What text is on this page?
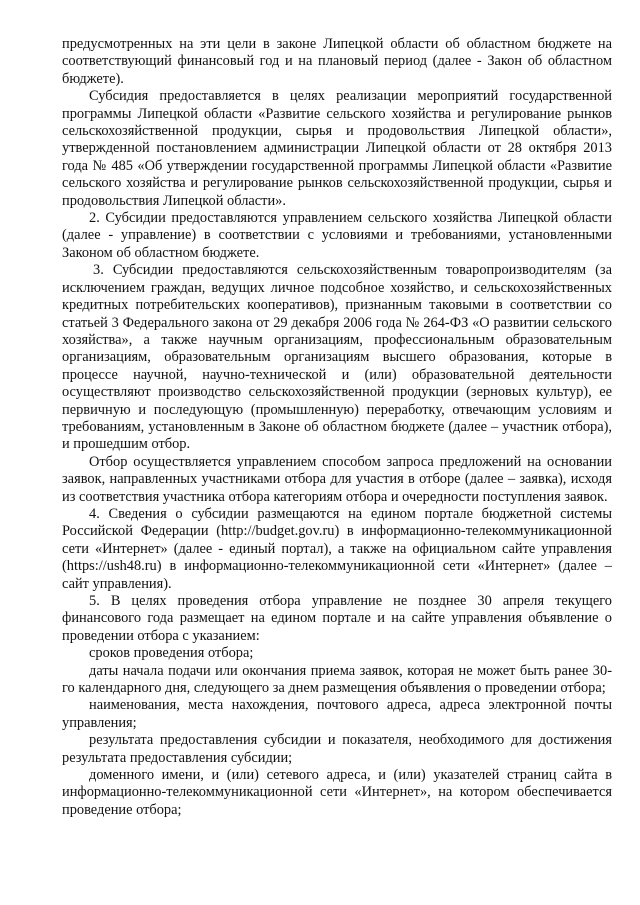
предусмотренных на эти цели в законе Липецкой области об областном бюджете на соответствующий финансовый год и на плановый период (далее - Закон об областном бюджете).

Субсидия предоставляется в целях реализации мероприятий государственной программы Липецкой области «Развитие сельского хозяйства и регулирование рынков сельскохозяйственной продукции, сырья и продовольствия Липецкой области», утвержденной постановлением администрации Липецкой области от 28 октября 2013 года № 485 «Об утверждении государственной программы Липецкой области «Развитие сельского хозяйства и регулирование рынков сельскохозяйственной продукции, сырья и продовольствия Липецкой области».

2. Субсидии предоставляются управлением сельского хозяйства Липецкой области (далее - управление) в соответствии с условиями и требованиями, установленными Законом об областном бюджете.

3. Субсидии предоставляются сельскохозяйственным товаропроизводителям (за исключением граждан, ведущих личное подсобное хозяйство, и сельскохозяйственных кредитных потребительских кооперативов), признанным таковыми в соответствии со статьей 3 Федерального закона от 29 декабря 2006 года № 264-ФЗ «О развитии сельского хозяйства», а также научным организациям, профессиональным образовательным организациям, образовательным организациям высшего образования, которые в процессе научной, научно-технической и (или) образовательной деятельности осуществляют производство сельскохозяйственной продукции (зерновых культур), ее первичную и последующую (промышленную) переработку, отвечающим условиям и требованиям, установленным в Законе об областном бюджете (далее – участник отбора), и прошедшим отбор.

Отбор осуществляется управлением способом запроса предложений на основании заявок, направленных участниками отбора для участия в отборе (далее – заявка), исходя из соответствия участника отбора категориям отбора и очередности поступления заявок.

4. Сведения о субсидии размещаются на едином портале бюджетной системы Российской Федерации (http://budget.gov.ru) в информационно-телекоммуникационной сети «Интернет» (далее - единый портал), а также на официальном сайте управления (https://ush48.ru) в информационно-телекоммуникационной сети «Интернет» (далее – сайт управления).

5. В целях проведения отбора управление не позднее 30 апреля текущего финансового года размещает на едином портале и на сайте управления объявление о проведении отбора с указанием:

сроков проведения отбора;

даты начала подачи или окончания приема заявок, которая не может быть ранее 30-го календарного дня, следующего за днем размещения объявления о проведении отбора;

наименования, места нахождения, почтового адреса, адреса электронной почты управления;

результата предоставления субсидии и показателя, необходимого для достижения результата предоставления субсидии;

доменного имени, и (или) сетевого адреса, и (или) указателей страниц сайта в информационно-телекоммуникационной сети «Интернет», на котором обеспечивается проведение отбора;
